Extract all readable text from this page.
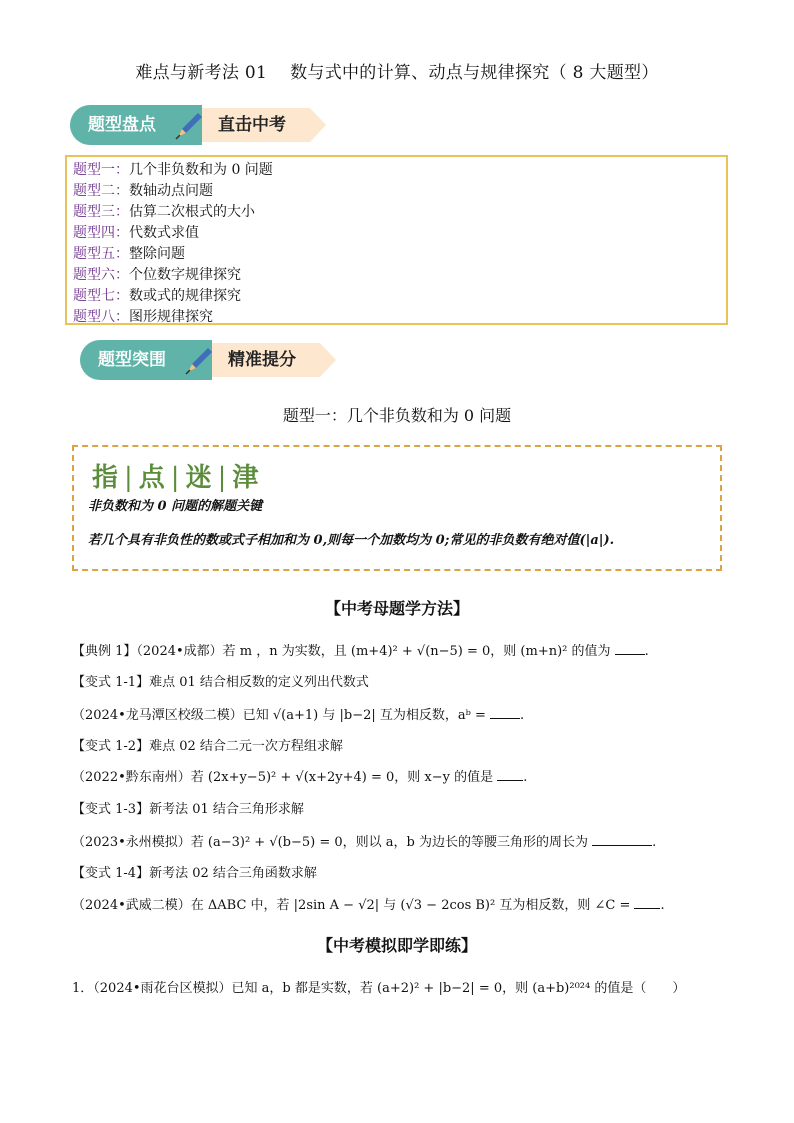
难点与新考法 01　 数与式中的计算、动点与规律探究（ 8 大题型）
题型盘点	直击中考
题型一：几个非负数和为 0 问题
题型二：数轴动点问题
题型三：估算二次根式的大小
题型四：代数式求值
题型五：整除问题
题型六：个位数字规律探究
题型七：数或式的规律探究
题型八：图形规律探究
题型突围	精准提分
题型一：几个非负数和为 0 问题
指 | 点 | 迷 | 津
非负数和为 0 问题的解题关键
若几个具有非负性的数或式子相加和为 0,则每一个加数均为 0;常见的非负数有绝对值(|a|).
【中考母题学方法】
【典例 1】（2024•成都）若 m ，n 为实数，且 (m+4)² + √(n−5) = 0，则 (m+n)² 的值为	.
【变式 1-1】难点 01 结合相反数的定义列出代数式
（2024•龙马潭区校级二模）已知 √(a+1) 与 |b−2| 互为相反数，aᵇ =	.
【变式 1-2】难点 02 结合二元一次方程组求解
（2022•黔东南州）若 (2x+y−5)² + √(x+2y+4) = 0，则 x−y 的值是 .
【变式 1-3】新考法 01 结合三角形求解
（2023•永州模拟）若 (a−3)² + √(b−5) = 0，则以 a，b 为边长的等腰三角形的周长为	.
【变式 1-4】新考法 02 结合三角函数求解
（2024•武威二模）在 ΔABC 中，若 |2sin A − √2| 与 (√3 − 2cos B)² 互为相反数，则 ∠C = .
【中考模拟即学即练】
1．（2024•雨花台区模拟）已知 a，b 都是实数，若 (a+2)² + |b−2| = 0，则 (a+b)²⁰²⁴ 的值是（　　）
